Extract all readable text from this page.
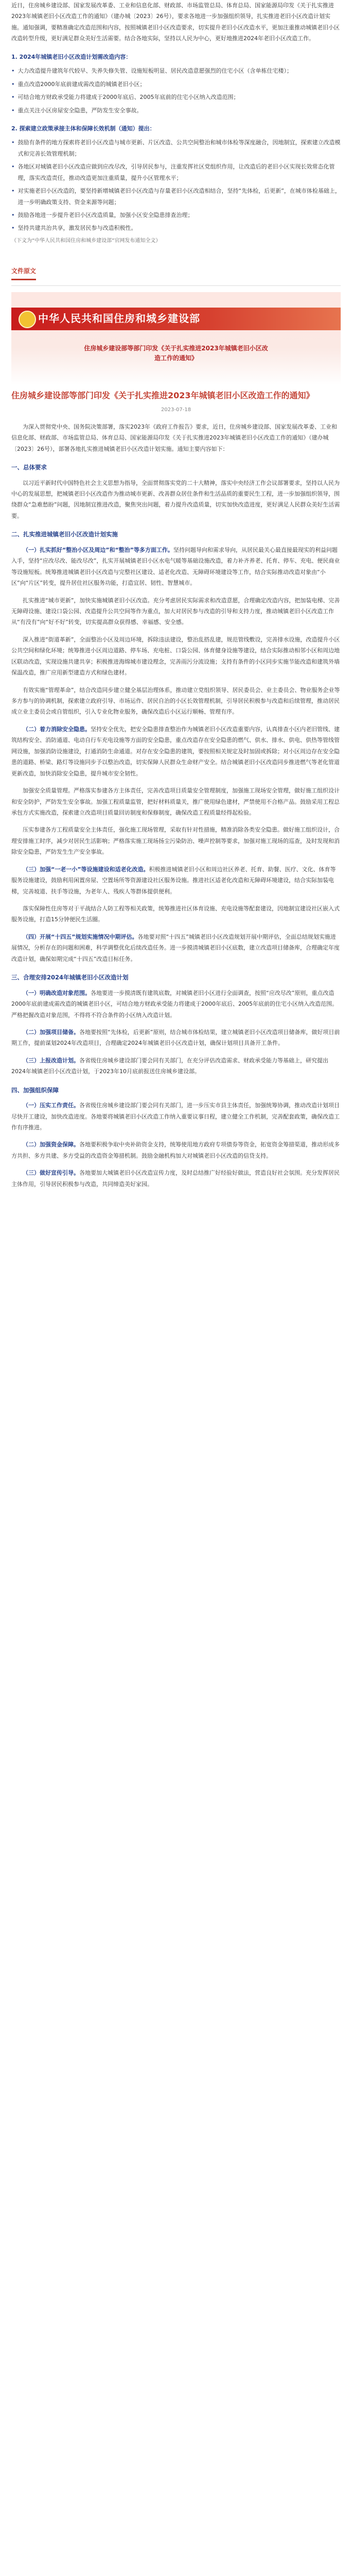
近日，住房城乡建设部、国家发展改革委、工业和信息化部、财政部、市场监管总局、体育总局、国家能源局印发《关于扎实推进2023年城镇老旧小区改造工作的通知》（建办城〔2023〕26号），要求各地进一步加强组织领导，扎实推进老旧小区改造计划实施。通知强调，要精准确定改造范围和内容，按照城镇老旧小区改造要求，切实提升老旧小区改造水平，更加注重推动城镇老旧小区改造转型升级，更好满足群众美好生活需要。结合各地实际，坚持以人民为中心，更好地推进2024年老旧小区改造工作。

1. 2024年城镇老旧小区改造计划需改造内容：
• 大力改造提升建筑年代较早、失养失修失管、设施短板明显、居民改造意愿强烈的住宅小区（含单栋住宅楼）；
• 重点改造2000年底前建成需改造的城镇老旧小区；
• 可结合地方财政承受能力将建成于2000年底后、2005年底前的住宅小区纳入改造范围；
• 重点关注小区房屋安全隐患，严防发生安全事故。
2. 探索建立政策承接主体和保障长效机制（通知）提出：
• 鼓励有条件的地方探索将老旧小区改造与城市更新、片区改造、公共空间整治和城市体检等深度融合，因地制宜，探索建立改造模式和完善长效管理机制；
• 各地区对城镇老旧小区改造应做到应改尽改，引导居民参与，注重发挥社区党组织作用，让改造后的老旧小区实现长效常态化管理，落实改造责任，推动改造更加注重质量，提升小区管理水平；
• 对实施老旧小区改造的，要坚持新增城镇老旧小区改造与存量老旧小区改造相结合，坚持“先体检，后更新”，在城市体检基础上，进一步明确政策支持、资金来源等问题；
• 鼓励各地进一步提升老旧小区改造质量，加强小区安全隐患排查治理；
• 坚持共建共治共享，激发居民参与改造积极性。

（下文为“中华人民共和国住房和城乡建设部”官网发布通知全文）

文件原文
中华人民共和国住房和城乡建设部
住房城乡建设部等部门印发《关于扎实推进2023年城镇老旧小区改造工作的通知》
住房城乡建设部等部门印发《关于扎实推进2023年城镇老旧小区改造工作的通知》
2023-07-18

为深入贯彻党中央、国务院决策部署，落实2023年《政府工作报告》要求，近日，住房城乡建设部、国家发展改革委、工业和信息化部、财政部、市场监管总局、体育总局、国家能源局印发《关于扎实推进2023年城镇老旧小区改造工作的通知》（建办城〔2023〕26号），部署各地扎实推进城镇老旧小区改造计划实施。通知主要内容如下：

一、总体要求

以习近平新时代中国特色社会主义思想为指导，全面贯彻落实党的二十大精神，落实中央经济工作会议部署要求，坚持以人民为中心的发展思想，把城镇老旧小区改造作为推动城市更新、改善群众居住条件和生活品质的重要民生工程，进一步加强组织领导，围绕群众“急难愁盼”问题，因地制宜推进改造，聚焦突出问题，着力提升改造质量，切实加快改造进度，更好满足人民群众美好生活需要。

二、扎实推进城镇老旧小区改造计划实施

（一）扎实抓好“整治小区及周边”和“整治”等多方面工作。坚持问题导向和需求导向，从居民最关心最直接最现实的利益问题入手，坚持“应改尽改、能改尽改”，扎实开展城镇老旧小区水电气暖等基础设施改造，着力补齐养老、托育、停车、充电、便民商业等设施短板。统筹推进城镇老旧小区改造与完整社区建设、适老化改造、无障碍环境建设等工作，结合实际推动改造对象由“小区”向“片区”转变，提升居住社区服务功能，打造宜居、韧性、智慧城市。

扎实推进“城市更新”，加快实施城镇老旧小区改造。充分考虑居民实际需求和改造意愿，合理确定改造内容，把加装电梯、完善无障碍设施、建设口袋公园、改造提升公共空间等作为重点，加大对居民参与改造的引导和支持力度，推动城镇老旧小区改造工作从“有没有”向“好不好”转变，切实提高群众获得感、幸福感、安全感。

深入推进“街道革新”，全面整治小区及周边环境，拆除违法建设，整治乱搭乱建，规范管线敷设，完善排水设施，改造提升小区公共空间和绿化环境；统筹推进小区周边道路、停车场、充电桩、口袋公园、体育健身设施等建设，结合实际推动相邻小区和周边地区联动改造，实现设施共建共享；积极推进海绵城市建设理念，完善雨污分流设施；支持有条件的小区同步实施节能改造和建筑外墙保温改造，推广应用新型建造方式和绿色建材。

有效实施“管理革命”，结合改造同步建立健全基层治理体系，推动建立党组织领导、居民委员会、业主委员会、物业服务企业等多方参与的协调机制，探索建立政府引导、市场运作、居民自治的小区长效管理机制，引导居民积极参与改造和后续管理，推动居民成立业主委员会或自管组织，引入专业化物业服务，确保改造后小区运行顺畅、管理有序。

（二）着力消除安全隐患。坚持安全优先，把安全隐患排查整治作为城镇老旧小区改造重要内容，认真排查小区内老旧管线、建筑结构安全、消防通道、电动自行车充电设施等方面的安全隐患，重点改造存在安全隐患的燃气、供水、排水、供电、供热等管线管网设施，加强消防设施建设，打通消防生命通道。对存在安全隐患的建筑，要按照相关规定及时加固或拆除；对小区周边存在安全隐患的道路、桥梁、路灯等设施同步予以整治改造，切实保障人民群众生命财产安全。结合城镇老旧小区改造同步推进燃气等老化管道更新改造，加快消除安全隐患，提升城市安全韧性。

加强安全质量管理。严格落实参建各方主体责任，完善改造项目质量安全管理制度，加强施工现场安全管理，做好施工组织设计和安全防护，严防发生安全事故。加强工程质量监管，把好材料质量关，推广使用绿色建材，严禁使用不合格产品。鼓励采用工程总承包方式实施改造，探索建立改造项目质量回访制度和保修制度，确保改造工程质量经得起检验。

压实参建各方工程质量安全主体责任，强化施工现场管理，采取有针对性措施，精准消除各类安全隐患。做好施工组织设计，合理安排施工时序，减少对居民生活影响；严格落实施工现场扬尘污染防治、噪声控制等要求，加强对施工现场的巡查，及时发现和消除安全隐患，严防发生生产安全事故。

（三）加强“一老一小”等设施建设和适老化改造。积极推进城镇老旧小区和周边社区养老、托育、助餐、医疗、文化、体育等服务设施建设，鼓励利用闲置房屋、空置场所等资源建设社区服务设施。推进社区适老化改造和无障碍环境建设，结合实际加装电梯，完善坡道、扶手等设施，为老年人、残疾人等群体提供便利。

落实保障性住房等对于平战结合人防工程等相关政策，统筹推进社区体育设施、充电设施等配套建设，因地制宜建设社区嵌入式服务设施，打造15分钟便民生活圈。

（四）开展“十四五”规划实施情况中期评估。各地要对照“十四五”城镇老旧小区改造规划开展中期评估，全面总结规划实施进展情况，分析存在的问题和困难，科学调整优化后续改造任务。进一步摸清城镇老旧小区底数，建立改造项目储备库，合理确定年度改造计划，确保如期完成“十四五”改造目标任务。

三、合理安排2024年城镇老旧小区改造计划

（一）明确改造对象范围。各地要进一步摸清既有建筑底数，对城镇老旧小区进行全面调查，按照“应改尽改”原则，重点改造2000年底前建成需改造的城镇老旧小区，可结合地方财政承受能力将建成于2000年底后、2005年底前的住宅小区纳入改造范围。严格把握改造对象范围，不得将不符合条件的小区纳入改造计划。

（二）加强项目储备。各地要按照“先体检，后更新”原则，结合城市体检结果，建立城镇老旧小区改造项目储备库，做好项目前期工作，提前谋划2024年改造项目，合理确定2024年城镇老旧小区改造计划，确保计划项目具备开工条件。

（三）上报改造计划。各省级住房城乡建设部门要会同有关部门，在充分评估改造需求、财政承受能力等基础上，研究提出2024年城镇老旧小区改造计划，于2023年10月底前报送住房城乡建设部。

四、加强组织保障

（一）压实工作责任。各省级住房城乡建设部门要会同有关部门，进一步压实市县主体责任，加强统筹协调，推动改造计划项目尽快开工建设，加快改造进度。各地要将城镇老旧小区改造工作纳入重要议事日程，建立健全工作机制，完善配套政策，确保改造工作有序推进。

（二）加强资金保障。各地要积极争取中央补助资金支持，统筹使用地方政府专项债券等资金，拓宽资金筹措渠道，推动形成多方共担、多方共建、多方受益的改造资金筹措机制。鼓励金融机构加大对城镇老旧小区改造的信贷支持。

（三）做好宣传引导。各地要加大城镇老旧小区改造宣传力度，及时总结推广好经验好做法，营造良好社会氛围。充分发挥居民主体作用，引导居民积极参与改造，共同缔造美好家园。
